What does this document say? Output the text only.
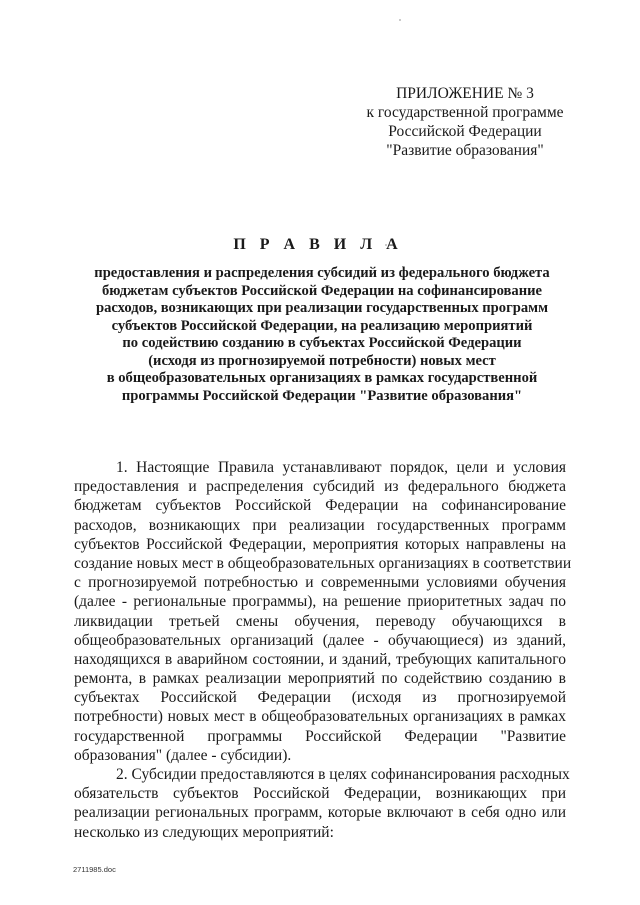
ПРИЛОЖЕНИЕ № 3
к государственной программе
Российской Федерации
"Развитие образования"
П Р А В И Л А
предоставления и распределения субсидий из федерального бюджета
бюджетам субъектов Российской Федерации на софинансирование
расходов, возникающих при реализации государственных программ
субъектов Российской Федерации, на реализацию мероприятий
по содействию созданию в субъектах Российской Федерации
(исходя из прогнозируемой потребности) новых мест
в общеобразовательных организациях в рамках государственной
программы Российской Федерации "Развитие образования"
1. Настоящие Правила устанавливают порядок, цели и условия
предоставления и распределения субсидий из федерального бюджета
бюджетам субъектов Российской Федерации на софинансирование
расходов, возникающих при реализации государственных программ
субъектов Российской Федерации, мероприятия которых направлены на
создание новых мест в общеобразовательных организациях в соответствии
с прогнозируемой потребностью и современными условиями обучения
(далее - региональные программы), на решение приоритетных задач по
ликвидации третьей смены обучения, переводу обучающихся в
общеобразовательных организаций (далее - обучающиеся) из зданий,
находящихся в аварийном состоянии, и зданий, требующих капитального
ремонта, в рамках реализации мероприятий по содействию созданию в
субъектах Российской Федерации (исходя из прогнозируемой
потребности) новых мест в общеобразовательных организациях в рамках
государственной программы Российской Федерации "Развитие
образования" (далее - субсидии).
2. Субсидии предоставляются в целях софинансирования расходных
обязательств субъектов Российской Федерации, возникающих при
реализации региональных программ, которые включают в себя одно или
несколько из следующих мероприятий:
2711985.doc
